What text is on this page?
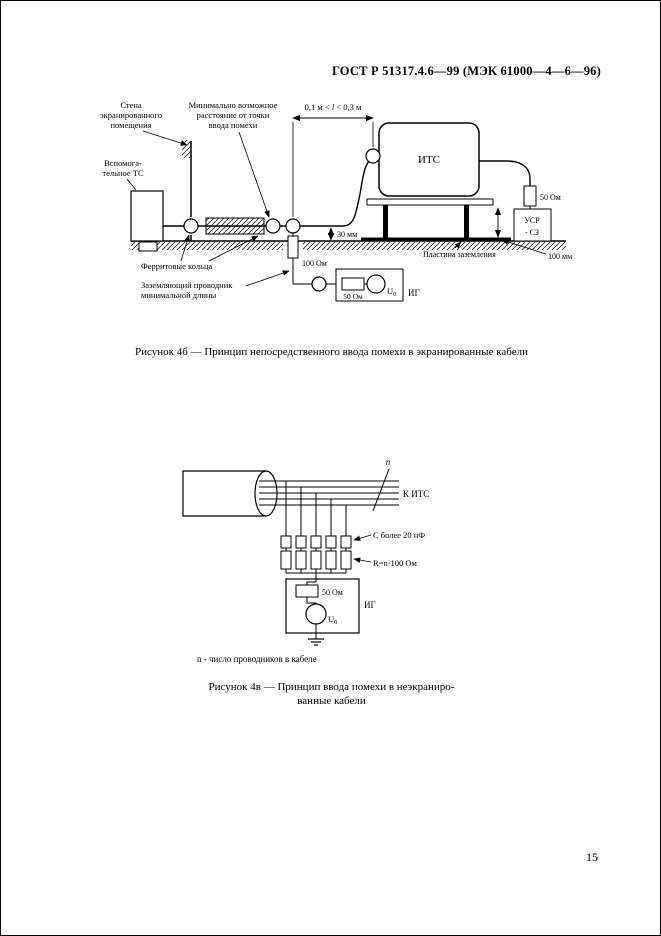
ГОСТ Р 51317.4.6—99 (МЭК 61000—4—6—96)
ИТС
50 Ом
УСР
- СЗ
100 Ом
50 Ом
$U_0$ ИГ
Вспомога-
тельное ТС
Стена
экранированного
помещения
Минимально возможное
расстояние от точки
ввода помехи
0,1 м < l < 0,3 м
30 мм
100 мм
Ферритовые кольца
Заземляющий проводник
минимальной длины
Пластина заземления
Рисунок 4б — Принцип непосредственного ввода помехи в экранированные кабели
n
К ИТС
С более 20 нФ
R=n·100 Ом
50 Ом
$U_0$
ИГ
n - число проводников в кабеле
Рисунок 4в — Принцип ввода помехи в неэкраниро-
ванные кабели
15
